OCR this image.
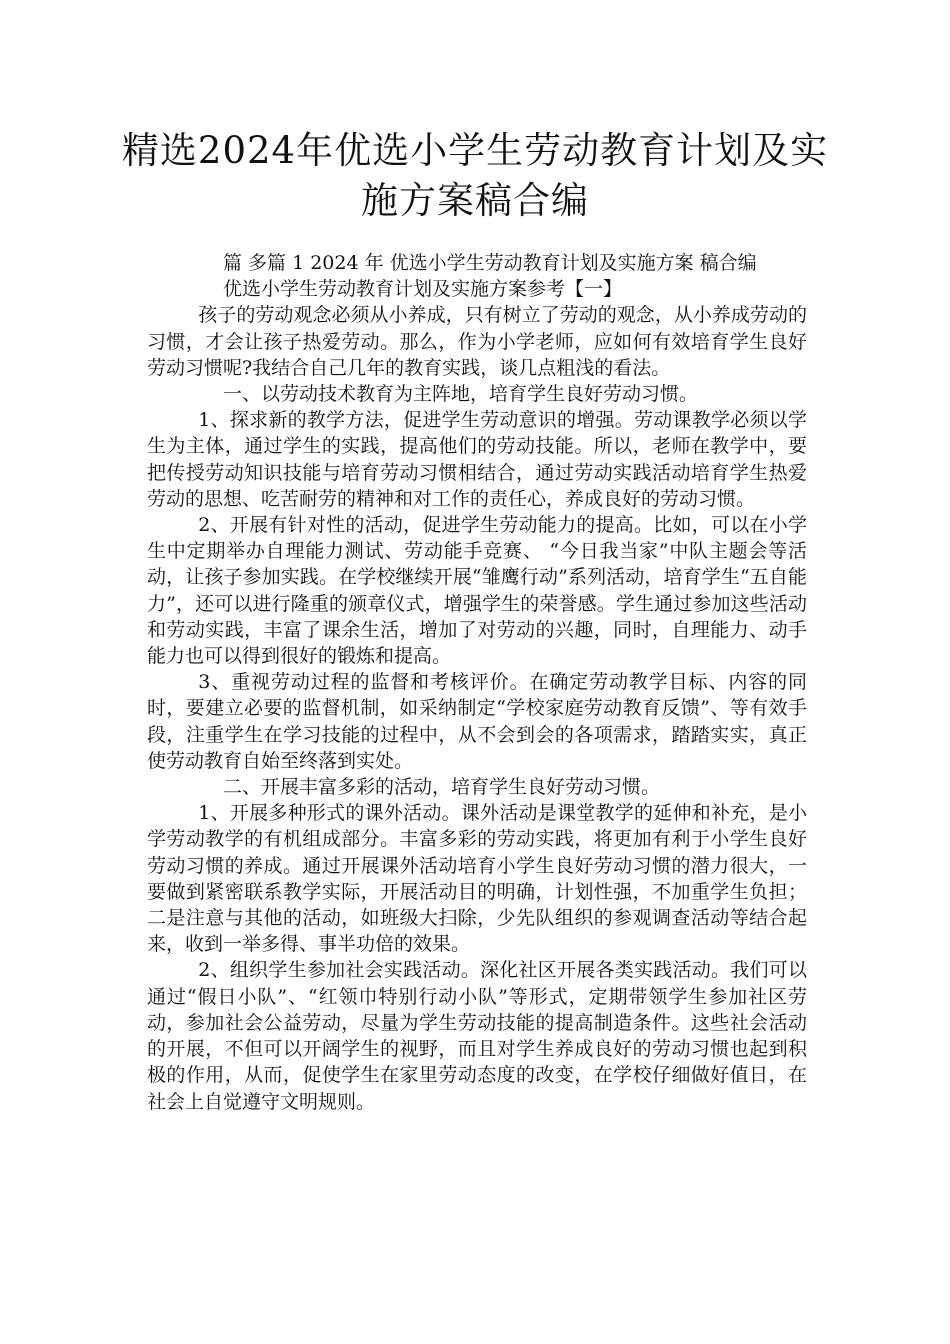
精选2024年优选小学生劳动教育计划及实施方案稿合编

篇 多篇 1 2024 年 优选小学生劳动教育计划及实施方案 稿合编

优选小学生劳动教育计划及实施方案参考【一】

孩子的劳动观念必须从小养成，只有树立了劳动的观念，从小养成劳动的习惯，才会让孩子热爱劳动。那么，作为小学老师，应如何有效培育学生良好劳动习惯呢?我结合自己几年的教育实践，谈几点粗浅的看法。

一、以劳动技术教育为主阵地，培育学生良好劳动习惯。

1、探求新的教学方法，促进学生劳动意识的增强。劳动课教学必须以学生为主体，通过学生的实践，提高他们的劳动技能。所以，老师在教学中，要把传授劳动知识技能与培育劳动习惯相结合，通过劳动实践活动培育学生热爱劳动的思想、吃苦耐劳的精神和对工作的责任心，养成良好的劳动习惯。

2、开展有针对性的活动，促进学生劳动能力的提高。比如，可以在小学生中定期举办自理能力测试、劳动能手竞赛、 “今日我当家”中队主题会等活动，让孩子参加实践。在学校继续开展“雏鹰行动”系列活动，培育学生“五自能力”，还可以进行隆重的颁章仪式，增强学生的荣誉感。学生通过参加这些活动和劳动实践，丰富了课余生活，增加了对劳动的兴趣，同时，自理能力、动手能力也可以得到很好的锻炼和提高。

3、重视劳动过程的监督和考核评价。在确定劳动教学目标、内容的同时，要建立必要的监督机制，如采纳制定“学校家庭劳动教育反馈”、等有效手段，注重学生在学习技能的过程中，从不会到会的各项需求，踏踏实实，真正使劳动教育自始至终落到实处。

二、开展丰富多彩的活动，培育学生良好劳动习惯。

1、开展多种形式的课外活动。课外活动是课堂教学的延伸和补充，是小学劳动教学的有机组成部分。丰富多彩的劳动实践，将更加有利于小学生良好劳动习惯的养成。通过开展课外活动培育小学生良好劳动习惯的潜力很大，一要做到紧密联系教学实际，开展活动目的明确，计划性强，不加重学生负担；二是注意与其他的活动，如班级大扫除，少先队组织的参观调查活动等结合起来，收到一举多得、事半功倍的效果。

2、组织学生参加社会实践活动。深化社区开展各类实践活动。我们可以通过“假日小队”、“红领巾特别行动小队”等形式，定期带领学生参加社区劳动，参加社会公益劳动，尽量为学生劳动技能的提高制造条件。这些社会活动的开展，不但可以开阔学生的视野，而且对学生养成良好的劳动习惯也起到积极的作用，从而，促使学生在家里劳动态度的改变，在学校仔细做好值日，在社会上自觉遵守文明规则。
